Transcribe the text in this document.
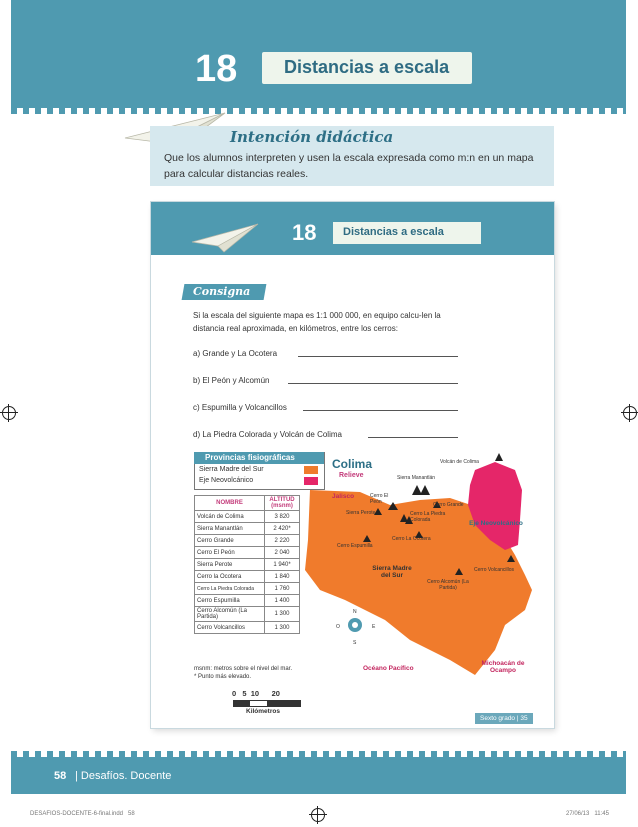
18	Distancias a escala
Intención didáctica
Que los alumnos interpreten y usen la escala expresada como m:n en un mapa para calcular distancias reales.
18 Distancias a escala
Consigna
Si la escala del siguiente mapa es 1:1 000 000, en equipo calcu-len la distancia real aproximada, en kilómetros, entre los cerros:
a) Grande y La Ocotera
b) El Peón y Alcomún
c) Espumilla y Volcancillos
d) La Piedra Colorada y Volcán de Colima
Provincias fisiográficas
Sierra Madre del Sur
Eje Neovolcánico
NOMBRE	ALTITUD (msnm)
Volcán de Colima	3 820
Sierra Manantlán	2 420*
Cerro Grande	2 220
Cerro El Peón	2 040
Sierra Perote	1 940*
Cerro la Ocotera	1 840
Cerro La Piedra Colorada	1 760
Cerro Espumilla	1 400
Cerro Alcomún (La Partida)	1 300
Cerro Volcancillos	1 300
msnm: metros sobre el nivel del mar.
* Punto más elevado.
0   5  10      20
Kilómetros
Colima
Relieve
Jalisco
Volcán de Colima
Sierra Manantlán
Cerro El Peón	Cerro Grande
Sierra Perote	Cerro La Piedra Colorada
Cerro La Ocotera
Cerro Espumilla
Eje Neovolcánico
Sierra Madre del Sur
Cerro Alcomún (La Partida)
Cerro Volcancillos
Océano Pacífico
Michoacán de Ocampo
N
S
E
O
Sexto grado | 35
58 | Desafíos. Docente
DESAFIOS-DOCENTE-6-final.indd   58	27/06/13   11:45
